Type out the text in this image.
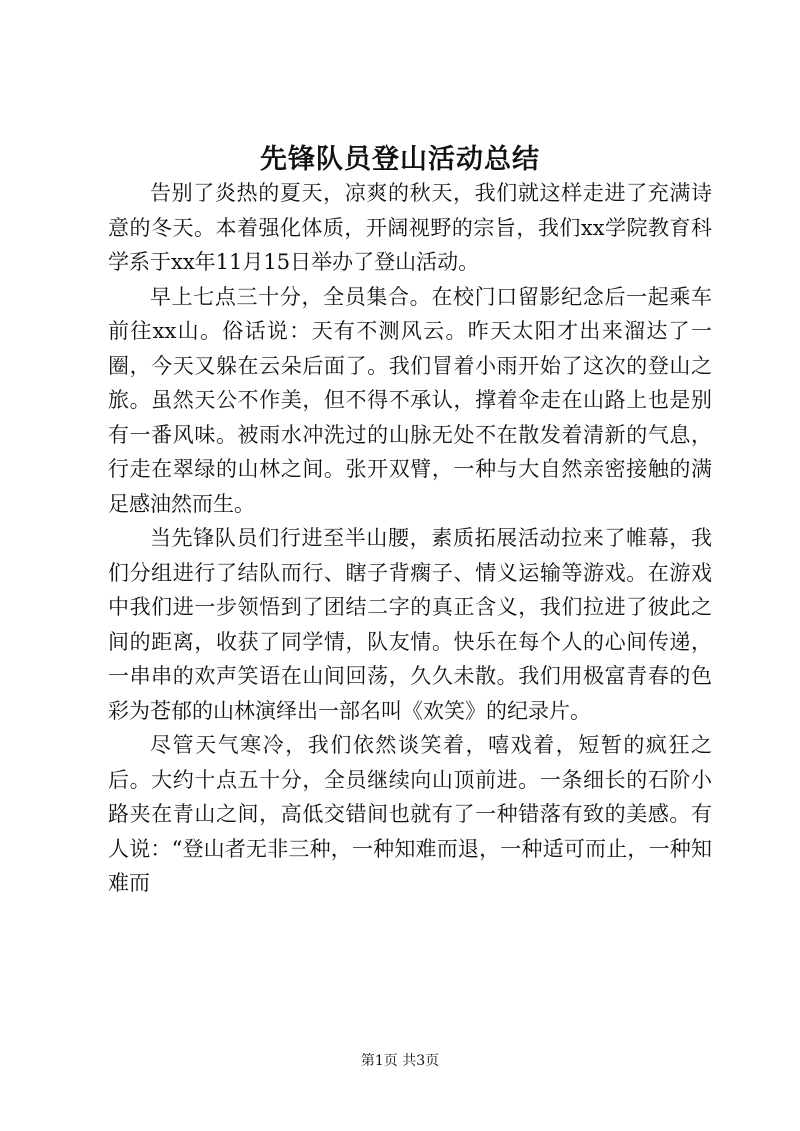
先锋队员登山活动总结

告别了炎热的夏天，凉爽的秋天，我们就这样走进了充满诗意的冬天。本着强化体质，开阔视野的宗旨，我们xx学院教育科学系于xx年11月15日举办了登山活动。

早上七点三十分，全员集合。在校门口留影纪念后一起乘车前往xx山。俗话说：天有不测风云。昨天太阳才出来溜达了一圈，今天又躲在云朵后面了。我们冒着小雨开始了这次的登山之旅。虽然天公不作美，但不得不承认，撑着伞走在山路上也是别有一番风味。被雨水冲洗过的山脉无处不在散发着清新的气息，行走在翠绿的山林之间。张开双臂，一种与大自然亲密接触的满足感油然而生。

当先锋队员们行进至半山腰，素质拓展活动拉来了帷幕，我们分组进行了结队而行、瞎子背瘸子、情义运输等游戏。在游戏中我们进一步领悟到了团结二字的真正含义，我们拉进了彼此之间的距离，收获了同学情，队友情。快乐在每个人的心间传递，一串串的欢声笑语在山间回荡，久久未散。我们用极富青春的色彩为苍郁的山林演绎出一部名叫《欢笑》的纪录片。

尽管天气寒冷，我们依然谈笑着，嘻戏着，短暂的疯狂之后。大约十点五十分，全员继续向山顶前进。一条细长的石阶小路夹在青山之间，高低交错间也就有了一种错落有致的美感。有人说：“登山者无非三种，一种知难而退，一种适可而止，一种知难而

第1页 共3页
